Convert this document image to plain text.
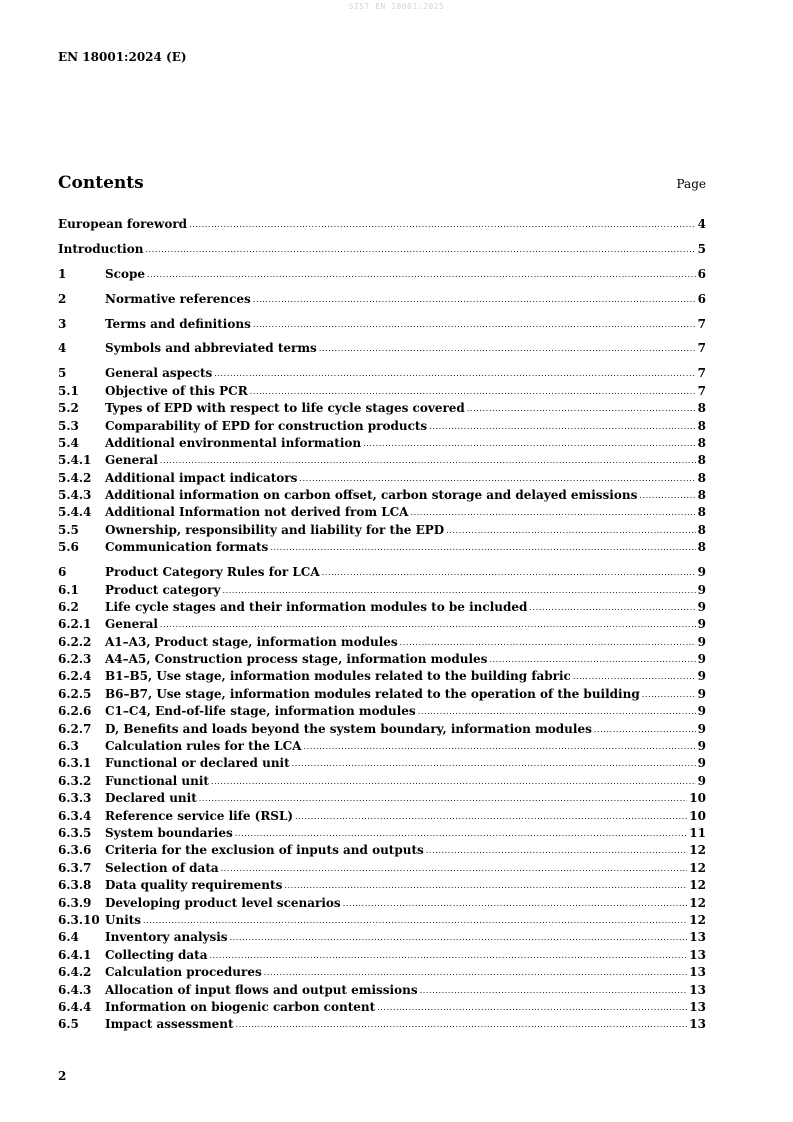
SIST EN 18001:2025
EN 18001:2024 (E)
Contents	Page
European foreword .....	4
Introduction .....	5
1	Scope .....	6
2	Normative references .....	6
3	Terms and definitions .....	7
4	Symbols and abbreviated terms .....	7
5	General aspects .....	7
5.1	Objective of this PCR .....	7
5.2	Types of EPD with respect to life cycle stages covered .....	8
5.3	Comparability of EPD for construction products .....	8
5.4	Additional environmental information .....	8
5.4.1	General .....	8
5.4.2	Additional impact indicators .....	8
5.4.3	Additional information on carbon offset, carbon storage and delayed emissions .....	8
5.4.4	Additional Information not derived from LCA .....	8
5.5	Ownership, responsibility and liability for the EPD .....	8
5.6	Communication formats .....	8
6	Product Category Rules for LCA .....	9
6.1	Product category .....	9
6.2	Life cycle stages and their information modules to be included .....	9
6.2.1	General .....	9
6.2.2	A1–A3, Product stage, information modules .....	9
6.2.3	A4–A5, Construction process stage, information modules .....	9
6.2.4	B1–B5, Use stage, information modules related to the building fabric .....	9
6.2.5	B6–B7, Use stage, information modules related to the operation of the building .....	9
6.2.6	C1–C4, End-of-life stage, information modules .....	9
6.2.7	D, Benefits and loads beyond the system boundary, information modules .....	9
6.3	Calculation rules for the LCA .....	9
6.3.1	Functional or declared unit .....	9
6.3.2	Functional unit .....	9
6.3.3	Declared unit .....	10
6.3.4	Reference service life (RSL) .....	10
6.3.5	System boundaries .....	11
6.3.6	Criteria for the exclusion of inputs and outputs .....	12
6.3.7	Selection of data .....	12
6.3.8	Data quality requirements .....	12
6.3.9	Developing product level scenarios .....	12
6.3.10 Units .....	12
6.4	Inventory analysis .....	13
6.4.1	Collecting data .....	13
6.4.2	Calculation procedures .....	13
6.4.3	Allocation of input flows and output emissions .....	13
6.4.4	Information on biogenic carbon content .....	13
6.5	Impact assessment .....	13
2
